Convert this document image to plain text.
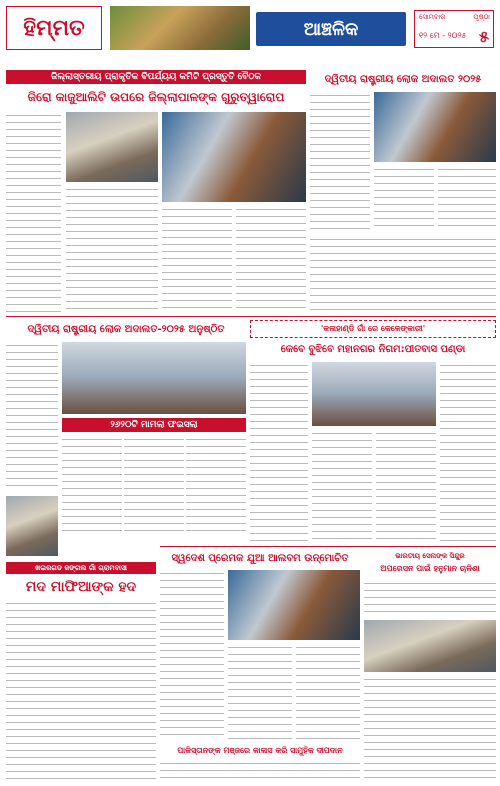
ହିମ୍ମତ	ଆଞ୍ଚଳିକ
ସୋମବାର
୧୨ ମେ - ୨୦୨୫
ପୃଷ୍ଠା
୫
ଜିଲ୍ଲାସ୍ତରୀୟ ପ୍ରାକୃତିକ ବିପର୍ଯ୍ୟୟ କମିଟି ପ୍ରସ୍ତୁତି ବୈଠକ
ଜିରୋ କାଜୁଆଲିଟି ଉପରେ ଜିଲ୍ଲାପାଳଙ୍କ ଗୁରୁତ୍ୱାରୋପ
ଦ୍ୱିତୀୟ ରାଷ୍ଟ୍ରୀୟ ଲୋକ ଅଦାଲତ ୨୦୨୫
ଦ୍ୱିତୀୟ ରାଷ୍ଟ୍ରୀୟ ଲୋକ ଅଦାଲତ-୨୦୨୫ ଅନୁଷ୍ଠିତ
୨୬୨୦ଟି ମାମଲା ଫଇସଲା
ଖଇରଗଡ ଜଙ୍ଗଲ ଗାଁ ଗ୍ରାମବାସୀ
ମଦ ମାଫିଆଙ୍କ ହଦ
'କଳାହାଣ୍ଡି ଗାଁ ରେ କେଳେଙ୍କାରୀ'
କେବେ ବୁଝିବେ ମହାନଗର ନିଗମ:ପୀତବାସ ପଣ୍ଡା
ସ୍ୱଦେଶ ପ୍ରେମକ ଯୁଆ ଆଲବମ ଉନ୍ମୋଚିତ	ଭାରତୀୟ ସେନାଙ୍କ ସିନ୍ଦୁର
ଅପରେସନ ପାଇଁ ହନୁମାନ ଚାଳିଶା
ପାକିସ୍ତାନଙ୍କ ମଞ୍ଜରେ କାଳାସ କରି ସାମୁହିକ ଦୀପଦାନ
